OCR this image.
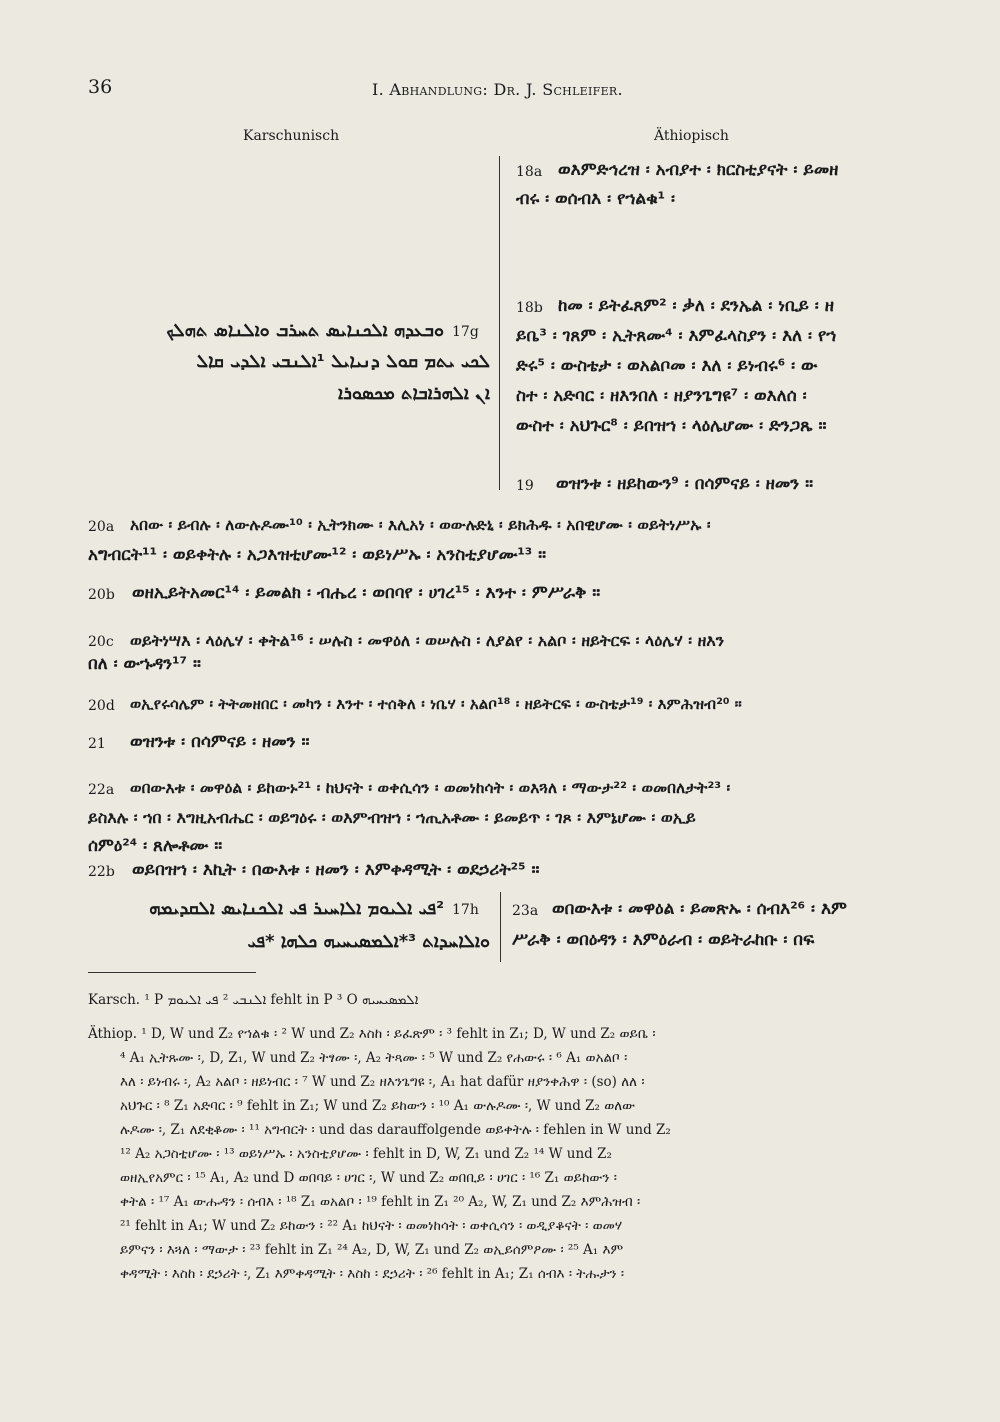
36	I. Abhandlung: Dr. J. Schleifer.
Karschunisch	Äthiopisch
18a ወእምድኅረዝ ፡ አብያተ ፡ ክርስቲያናት ፡ ይመዘ
ብሩ ፡ ወሰብእ ፡ የኀልቁ¹ ፡
18b ከመ ፡ ይትፈጸም² ፡ ቃለ ፡ ደንኤል ፡ ነቢይ ፡ ዘ
ይቤ³ ፡ ገጸም ፡ ኢትጸሙ⁴ ፡ እምፈላስያን ፡ እለ ፡ የኀ
ድሩ⁵ ፡ ውስቴታ ፡ ወአልቦመ ፡ እለ ፡ ይነብሩ⁶ ፡ ው
ስተ ፡ አድባር ፡ ዘእንበለ ፡ ዘያንጌግዩ⁷ ፡ ወእለሰ ፡
ውስተ ፡ አህጉር⁸ ፡ ይበዝኀ ፡ ላዕሌሆሙ ፡ ድንጋጼ ።
19 ወዝንቱ ፡ ዘይከውን⁹ ፡ በሳምናይ ፡ ዘመን ።
17g
ܘܒܥܕܗ ܐܠܟܢܐܝܣ ܬܚܪܒ ܘܐܠܢܐܣ ܬܗܠܟ
ܠܟܝ ܝܬܡ ܩܘܠ ܕܢܝܐܝܠ ¹ܐܠܢܒܝ ܐܠܕܝ ܩܐܠ
ܐܢ ܐܠܗܪܐܒܐܬ ܡܟܣܘܪܐ
20a አበው ፡ ይብሉ ፡ ለውሉዶሙ¹⁰ ፡ ኢትንክሙ ፡ እሊአነ ፡ ወውሉድኒ ፡ ይክሕዱ ፡ አበዊሆሙ ፡ ወይትነሥኡ ፡
አግብርት¹¹ ፡ ወይቀትሉ ፡ አጋእዝቲሆሙ¹² ፡ ወይነሥኡ ፡ አንስቲያሆሙ¹³ ።
20b ወዘኢይትአመር¹⁴ ፡ ይመልክ ፡ ብሔረ ፡ ወበባየ ፡ ሀገረ¹⁵ ፡ እንተ ፡ ምሥራቅ ።
20c ወይትነሣእ ፡ ላዕሌሃ ፡ ቀትል¹⁶ ፡ ሠሉስ ፡ መዋዕለ ፡ ወሠሉስ ፡ ለያልየ ፡ አልቦ ፡ ዘይትርፍ ፡ ላዕሌሃ ፡ ዘእን
በለ ፡ ውኁዳን¹⁷ ።
20d ወኢየሩሳሌም ፡ ትትመዘበር ፡ መካን ፡ እንተ ፡ ተሰቅለ ፡ ነቤሃ ፡ አልቦ¹⁸ ፡ ዘይትርፍ ፡ ውስቴታ¹⁹ ፡ እምሕዝብ²⁰ ።
21 ወዝንቱ ፡ በሳምናይ ፡ ዘመን ።
22a ወበውእቱ ፡ መዋዕል ፡ ይከውኑ²¹ ፡ ከህናት ፡ ወቀሲሳን ፡ ወመነከሳት ፡ ወእጓለ ፡ ማውታ²² ፡ ወመበለታት²³ ፡
ይስእሉ ፡ ኀበ ፡ እግዚአብሔር ፡ ወይግዕሩ ፡ ወእምብዝኀ ፡ ኀጢአቶሙ ፡ ይመይጥ ፡ ገጾ ፡ እምኔሆሙ ፡ ወኢይ
ሰምዕ²⁴ ፡ ጸሎቶሙ ።
22b ወይበዝኀ ፡ እኪት ፡ በውእቱ ፡ ዘመን ፡ እምቀዳሚት ፡ ወደኃሪት²⁵ ።
17h
²ܦܝ ܐܠܝܘܡ ܐܠܐܚܝܪ ܦܝ ܐܠܟܢܐܝܣ ܐܠܩܕܝܡܗ
ܘܐܠܐܚܕܐܬ ³*ܐܠܡܣܝܚܝܗ ܟܠܗܐ *ܦܝ
23a ወበውእቱ ፡ መዋዕል ፡ ይመጽኡ ፡ ሰብእ²⁶ ፡ እም
ሥራቅ ፡ ወበዕዳን ፡ እምዕራብ ፡ ወይትራከቡ ፡ በፍ
Karsch. ¹ P ܐܠܢܒܝ ² ܦܝ ܐܠܝܘܡ fehlt in P ³ O ܐܠܡܣܝܚܝܗ
Äthiop. ¹ D, W und Z₂ የኀልቁ ፡ ² W und Z₂ እስከ ፡ ይፈጽም ፡ ³ fehlt in Z₁; D, W und Z₂ ወይቤ ፡
⁴ A₁ ኢትጹሙ ፡, D, Z₁, W und Z₂ ትፃሙ ፡, A₂ ትጻሙ ፡ ⁵ W und Z₂ የሐውሩ ፡ ⁶ A₁ ወአልቦ ፡
እለ ፡ ይነብሩ ፡, A₂ አልቦ ፡ ዘይነብር ፡ ⁷ W und Z₂ ዘእንጌግዩ ፡, A₁ hat dafür ዘያንቀሕዋ ፡ (so) ለለ ፡
አህጉር ፡ ⁸ Z₁ አድባር ፡ ⁹ fehlt in Z₁; W und Z₂ ይከውን ፡ ¹⁰ A₁ ውሉዶሙ ፡, W und Z₂ ወለው
ሉዶሙ ፡, Z₁ ለደቂቆሙ ፡ ¹¹ አግብርት ፡ und das darauffolgende ወይቀትሉ ፡ fehlen in W und Z₂
¹² A₂ አጋስቲሆሙ ፡ ¹³ ወይነሥኡ ፡ አንስቲያሆሙ ፡ fehlt in D, W, Z₁ und Z₂ ¹⁴ W und Z₂
ወዘኢየአምር ፡ ¹⁵ A₁, A₂ und D ወበባይ ፡ ሀገር ፡, W und Z₂ ወበቢይ ፡ ሀገር ፡ ¹⁶ Z₁ ወይከውን ፡
ቀትል ፡ ¹⁷ A₁ ውሑዳን ፡ ሰብእ ፡ ¹⁸ Z₁ ወአልቦ ፡ ¹⁹ fehlt in Z₁ ²⁰ A₂, W, Z₁ und Z₂ እምሕዝብ ፡
²¹ fehlt in A₁; W und Z₂ ይከውን ፡ ²² A₁ ከህናት ፡ ወመነከሳት ፡ ወቀሲሳን ፡ ወዲያቆናት ፡ ወመሃ
ይምናን ፡ እጓለ ፡ ማውታ ፡ ²³ fehlt in Z₁ ²⁴ A₂, D, W, Z₁ und Z₂ ወኢይሰምዖሙ ፡ ²⁵ A₁ እም
ቀዳሚት ፡ እስከ ፡ ደኃሪት ፡, Z₁ እምቀዳሚት ፡ እስከ ፡ ደኃሪት ፡ ²⁶ fehlt in A₁; Z₁ ሰብእ ፡ ትሑታን ፡
